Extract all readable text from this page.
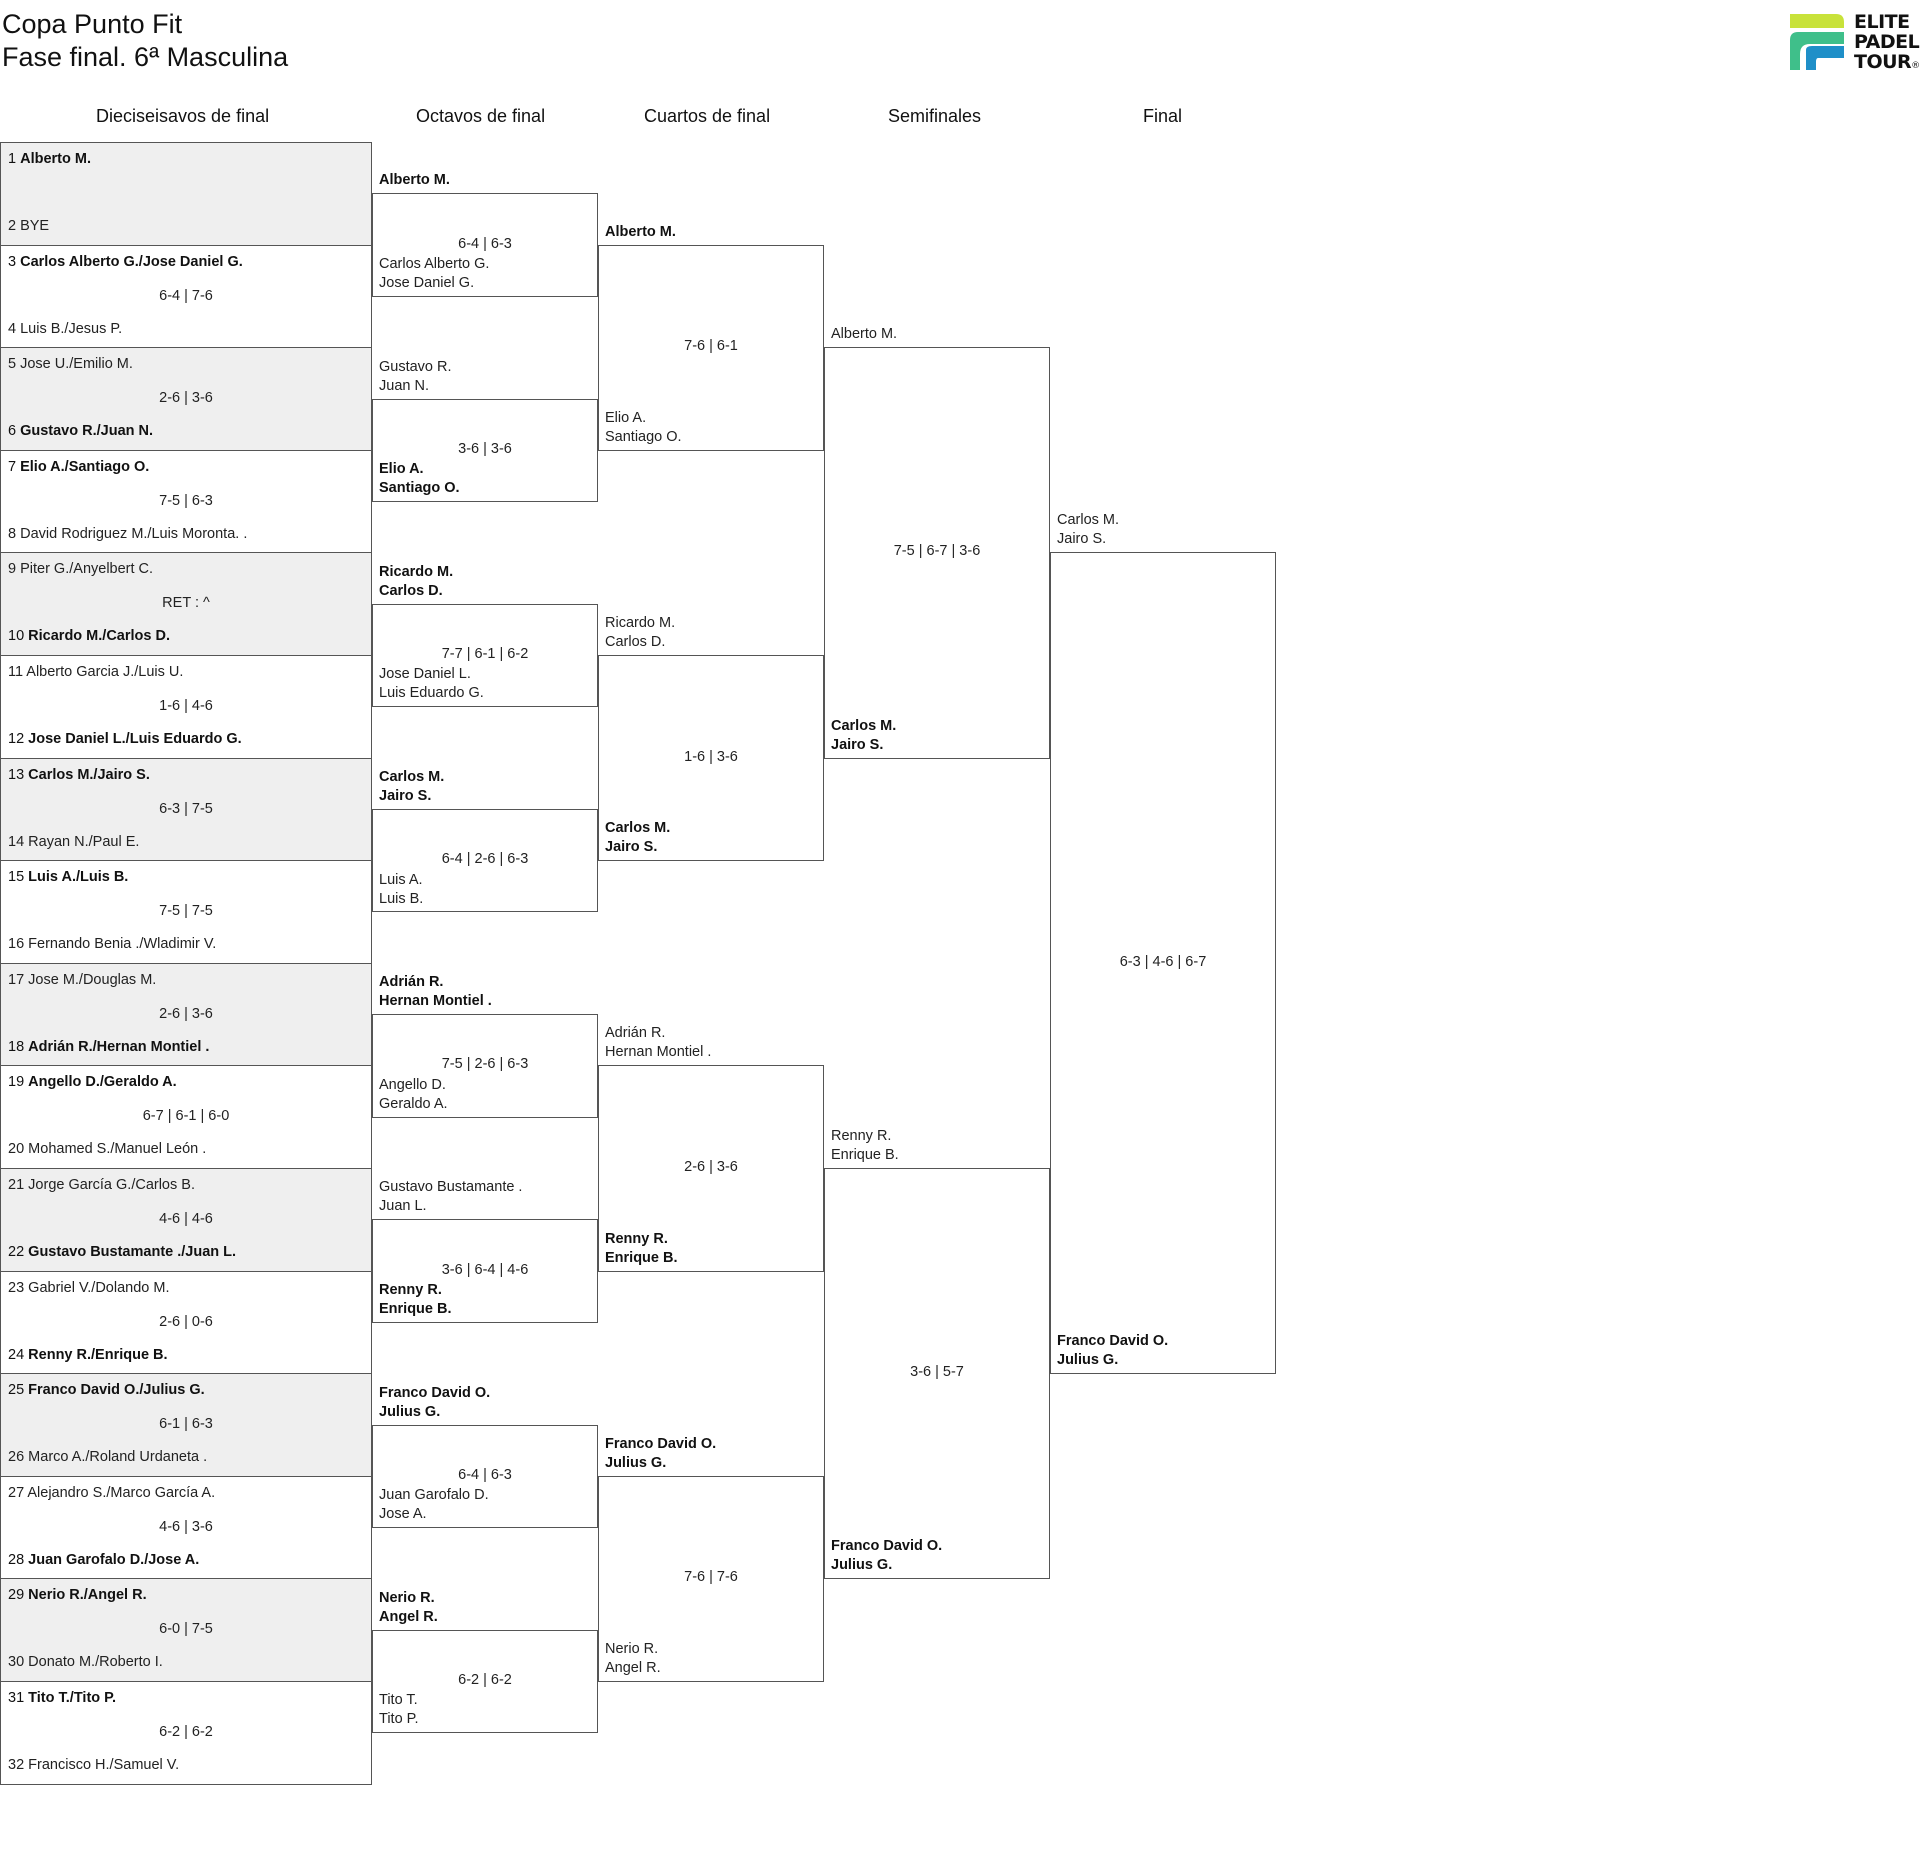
Copa Punto Fit
Fase final. 6ª Masculina
ELITE
PADEL
TOUR®
Dieciseisavos de final	Octavos de final	Cuartos de final	Semifinales	Final
1 Alberto M.
2 BYE
3 Carlos Alberto G./Jose Daniel G.
4 Luis B./Jesus P.
6-4 | 7-6
5 Jose U./Emilio M.
6 Gustavo R./Juan N.
2-6 | 3-6
7 Elio A./Santiago O.
8 David Rodriguez M./Luis Moronta. .
7-5 | 6-3
9 Piter G./Anyelbert C.
10 Ricardo M./Carlos D.
RET : ^
11 Alberto Garcia J./Luis U.
12 Jose Daniel L./Luis Eduardo G.
1-6 | 4-6
13 Carlos M./Jairo S.
14 Rayan N./Paul E.
6-3 | 7-5
15 Luis A./Luis B.
16 Fernando Benia ./Wladimir V.
7-5 | 7-5
17 Jose M./Douglas M.
18 Adrián R./Hernan Montiel .
2-6 | 3-6
19 Angello D./Geraldo A.
20 Mohamed S./Manuel León .
6-7 | 6-1 | 6-0
21 Jorge García G./Carlos B.
22 Gustavo Bustamante ./Juan L.
4-6 | 4-6
23 Gabriel V./Dolando M.
24 Renny R./Enrique B.
2-6 | 0-6
25 Franco David O./Julius G.
26 Marco A./Roland Urdaneta .
6-1 | 6-3
27 Alejandro S./Marco García A.
28 Juan Garofalo D./Jose A.
4-6 | 3-6
29 Nerio R./Angel R.
30 Donato M./Roberto I.
6-0 | 7-5
31 Tito T./Tito P.
32 Francisco H./Samuel V.
6-2 | 6-2
Alberto M.
Carlos Alberto G.
Jose Daniel G.
6-4 | 6-3
Gustavo R.
Juan N.
Elio A.
Santiago O.
3-6 | 3-6
Ricardo M.
Carlos D.
Jose Daniel L.
Luis Eduardo G.
7-7 | 6-1 | 6-2
Carlos M.
Jairo S.
Luis A.
Luis B.
6-4 | 2-6 | 6-3
Adrián R.
Hernan Montiel .
Angello D.
Geraldo A.
7-5 | 2-6 | 6-3
Gustavo Bustamante .
Juan L.
Renny R.
Enrique B.
3-6 | 6-4 | 4-6
Franco David O.
Julius G.
Juan Garofalo D.
Jose A.
6-4 | 6-3
Nerio R.
Angel R.
Tito T.
Tito P.
6-2 | 6-2
Alberto M.
Elio A.
Santiago O.
7-6 | 6-1
Ricardo M.
Carlos D.
Carlos M.
Jairo S.
1-6 | 3-6
Adrián R.
Hernan Montiel .
Renny R.
Enrique B.
2-6 | 3-6
Franco David O.
Julius G.
Nerio R.
Angel R.
7-6 | 7-6
Alberto M.
Carlos M.
Jairo S.
7-5 | 6-7 | 3-6
Renny R.
Enrique B.
Franco David O.
Julius G.
3-6 | 5-7
Carlos M.
Jairo S.
Franco David O.
Julius G.
6-3 | 4-6 | 6-7
